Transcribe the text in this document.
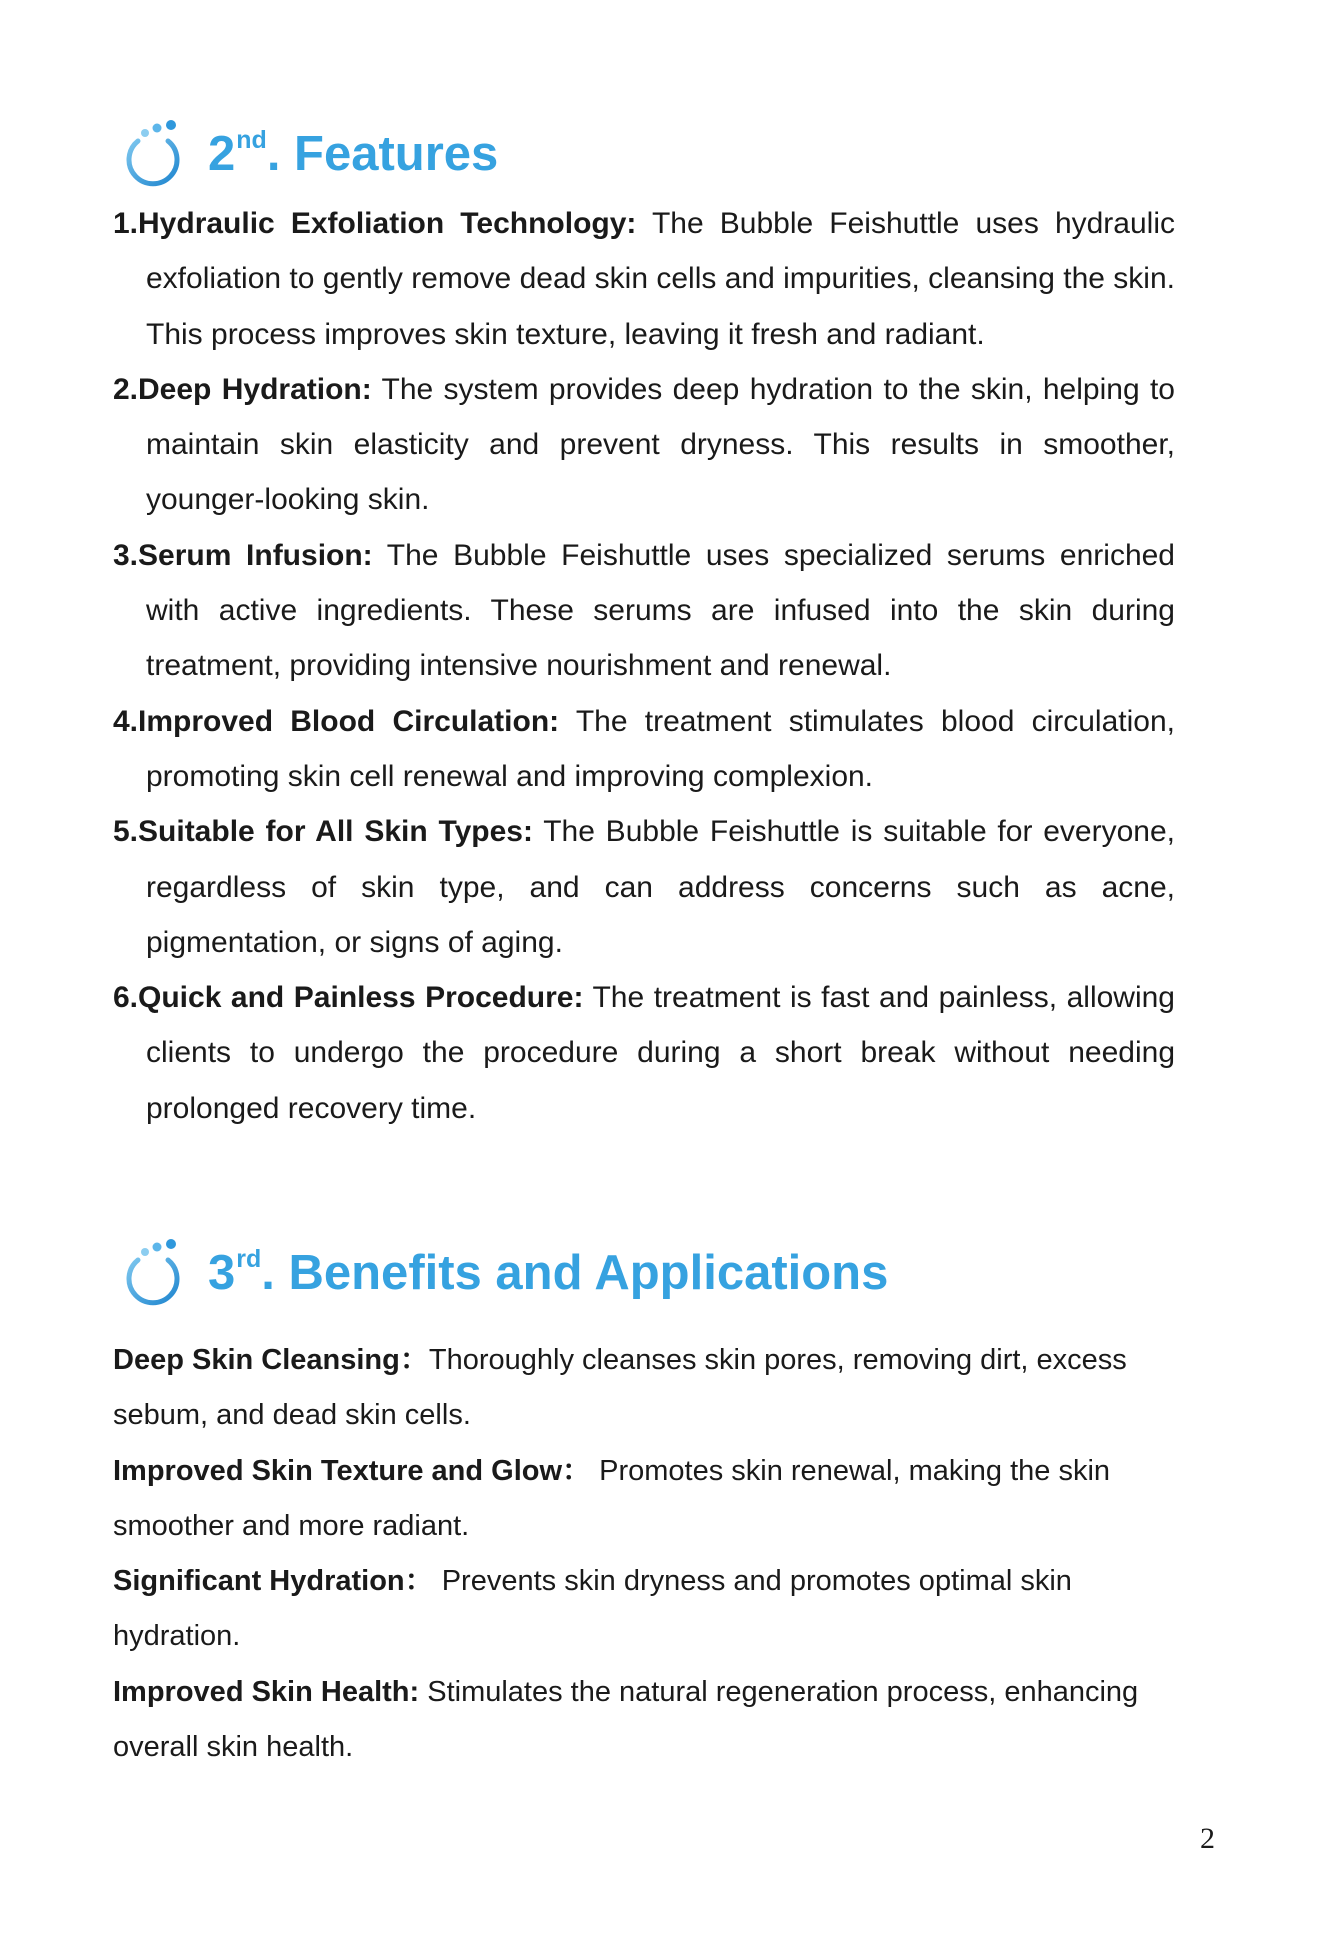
2nd. Features
1.Hydraulic Exfoliation Technology: The Bubble Feishuttle uses hydraulic exfoliation to gently remove dead skin cells and impurities, cleansing the skin. This process improves skin texture, leaving it fresh and radiant.
2.Deep Hydration: The system provides deep hydration to the skin, helping to maintain skin elasticity and prevent dryness. This results in smoother, younger-looking skin.
3.Serum Infusion: The Bubble Feishuttle uses specialized serums enriched with active ingredients. These serums are infused into the skin during treatment, providing intensive nourishment and renewal.
4.Improved Blood Circulation: The treatment stimulates blood circulation, promoting skin cell renewal and improving complexion.
5.Suitable for All Skin Types: The Bubble Feishuttle is suitable for everyone, regardless of skin type, and can address concerns such as acne, pigmentation, or signs of aging.
6.Quick and Painless Procedure: The treatment is fast and painless, allowing clients to undergo the procedure during a short break without needing prolonged recovery time.
3rd. Benefits and Applications

Deep Skin Cleansing：Thoroughly cleanses skin pores, removing dirt, excess sebum, and dead skin cells.

Improved Skin Texture and Glow： Promotes skin renewal, making the skin smoother and more radiant.

Significant Hydration： Prevents skin dryness and promotes optimal skin hydration.

Improved Skin Health: Stimulates the natural regeneration process, enhancing overall skin health.

2
